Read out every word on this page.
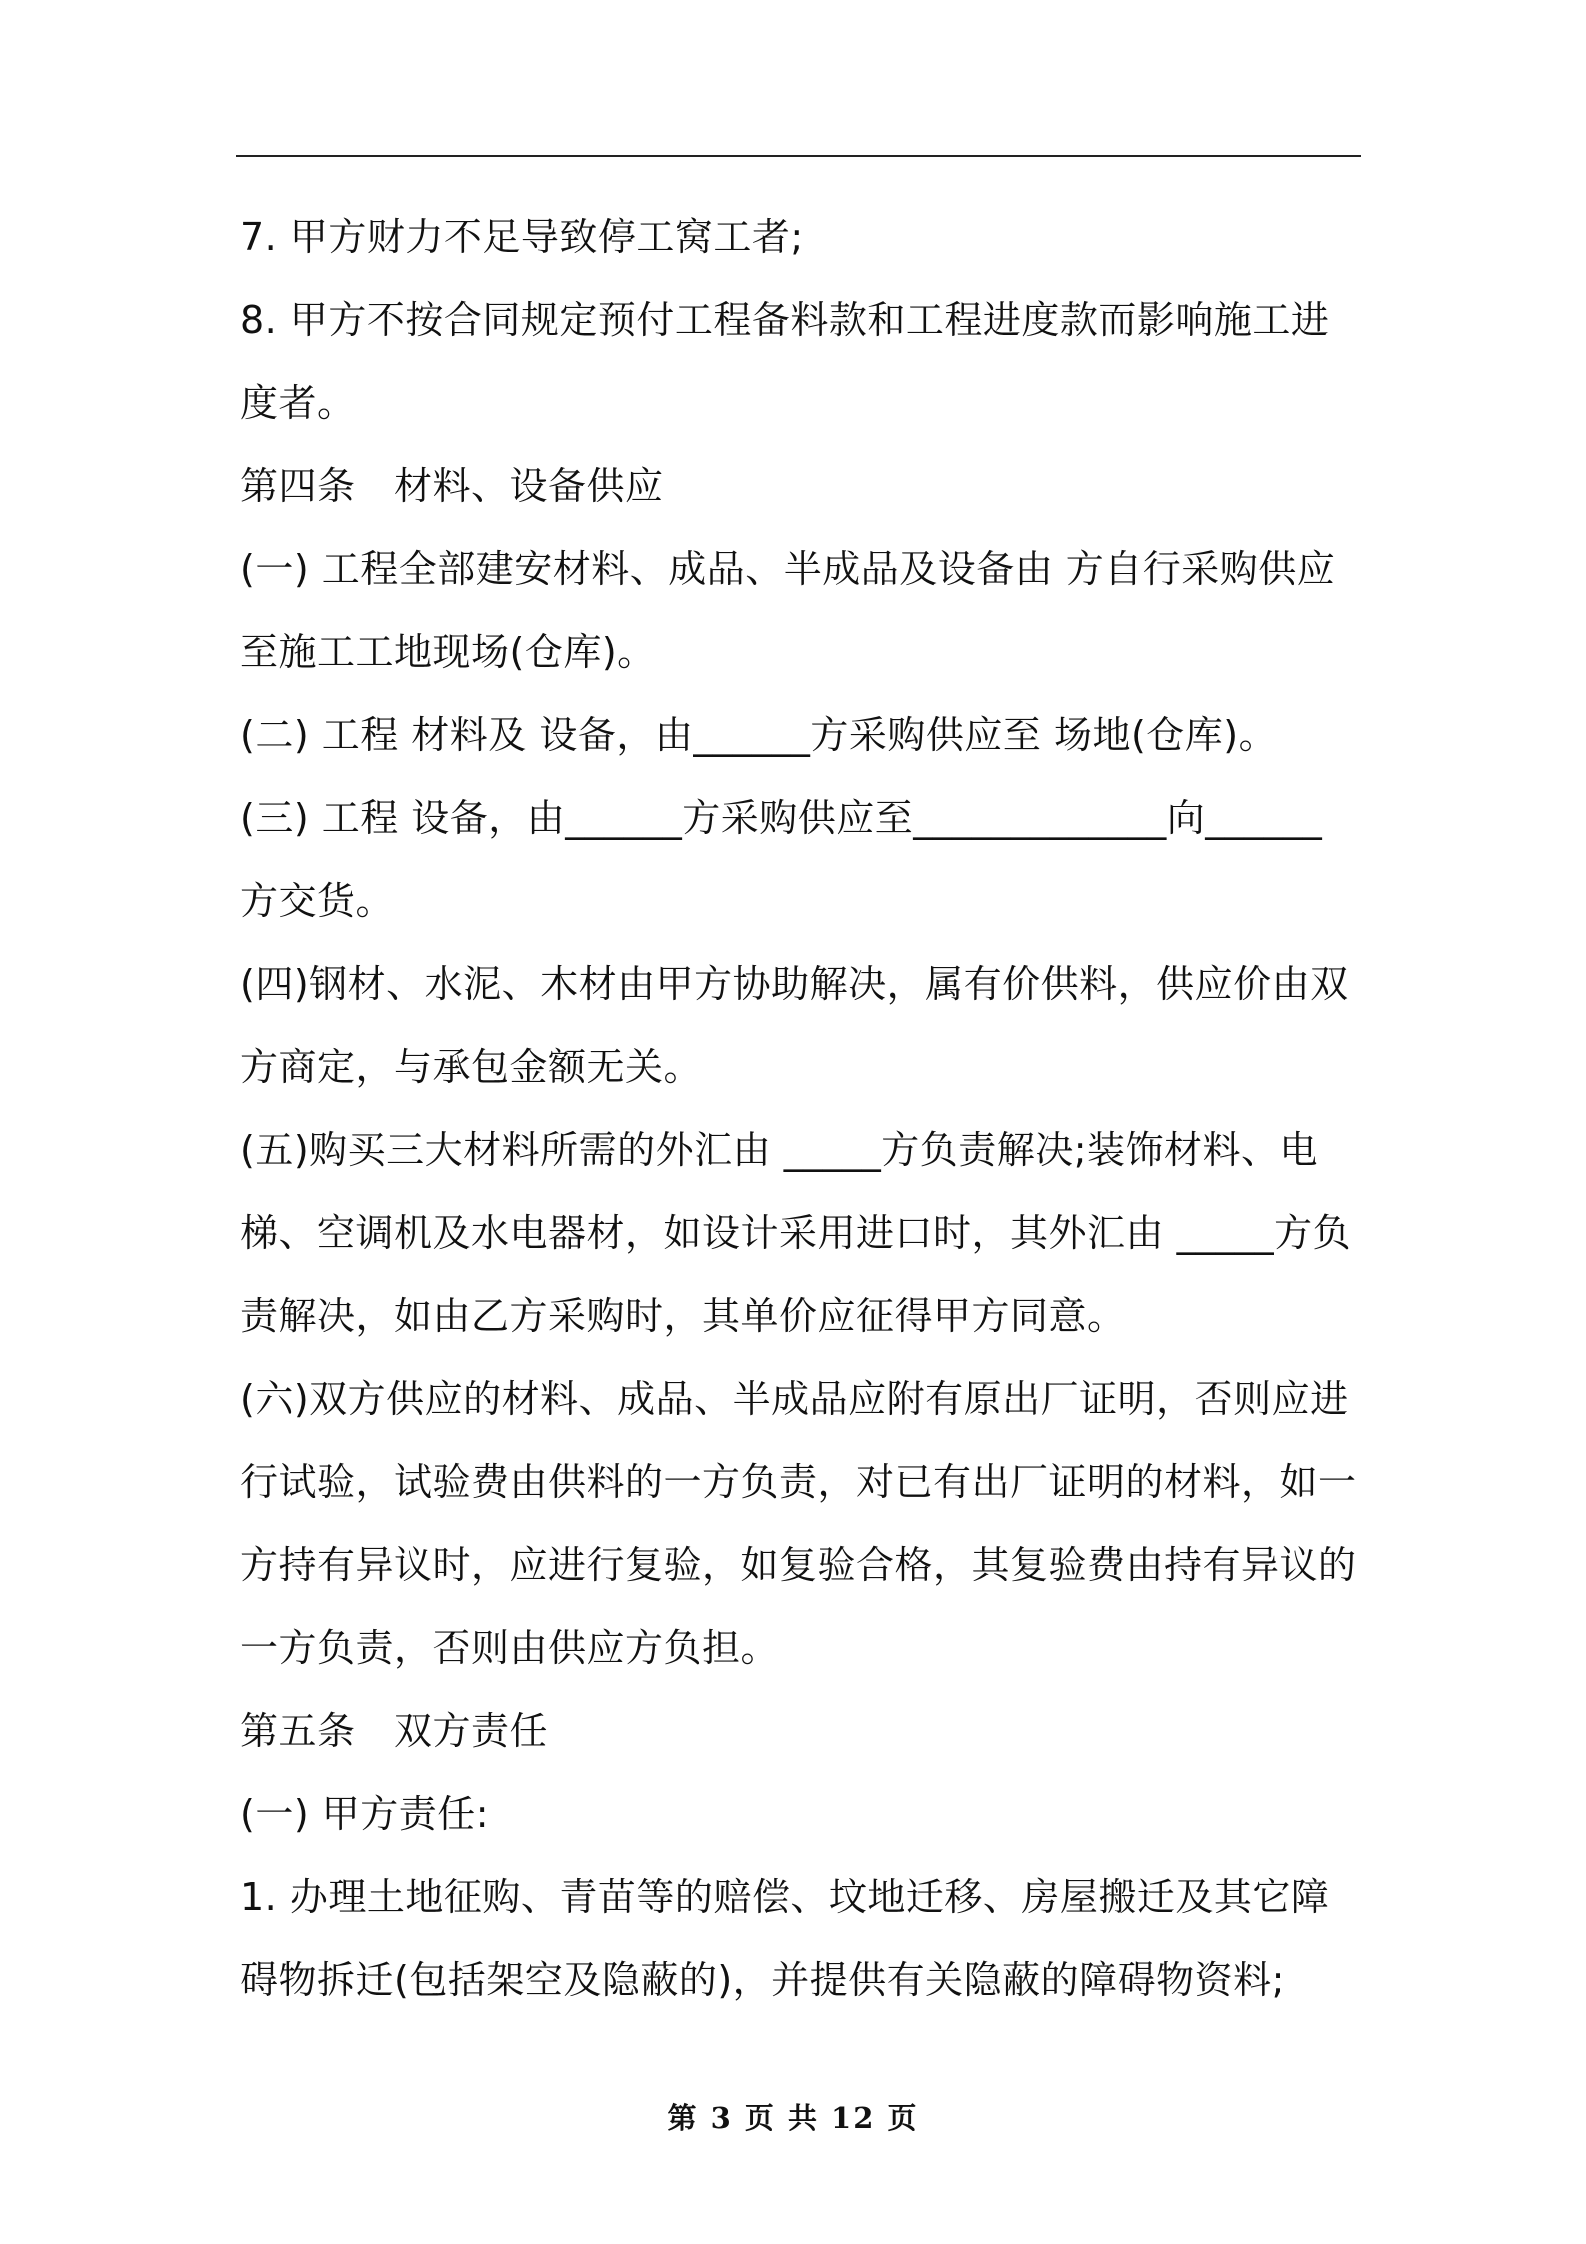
7. 甲方财力不足导致停工窝工者;

8. 甲方不按合同规定预付工程备料款和工程进度款而影响施工进度者。

第四条　材料、设备供应

(一) 工程全部建安材料、成品、半成品及设备由 方自行采购供应至施工工地现场(仓库)。

(二) 工程 材料及 设备，由______方采购供应至 场地(仓库)。

(三) 工程 设备，由______方采购供应至_____________向______方交货。

(四)钢材、水泥、木材由甲方协助解决，属有价供料，供应价由双方商定，与承包金额无关。

(五)购买三大材料所需的外汇由 _____方负责解决;装饰材料、电梯、空调机及水电器材，如设计采用进口时，其外汇由 _____方负责解决，如由乙方采购时，其单价应征得甲方同意。

(六)双方供应的材料、成品、半成品应附有原出厂证明，否则应进行试验，试验费由供料的一方负责，对已有出厂证明的材料，如一方持有异议时，应进行复验，如复验合格，其复验费由持有异议的一方负责，否则由供应方负担。

第五条　双方责任

(一) 甲方责任:

1. 办理土地征购、青苗等的赔偿、坟地迁移、房屋搬迁及其它障碍物拆迁(包括架空及隐蔽的)，并提供有关隐蔽的障碍物资料;

第 3 页 共 12 页
